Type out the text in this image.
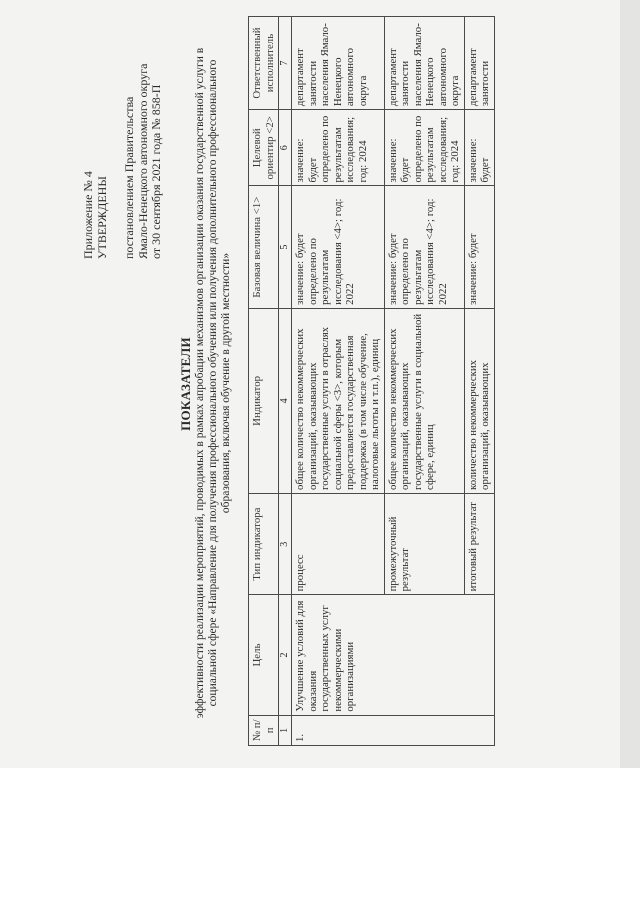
Приложение № 4 УТВЕРЖДЕНЫ постановлением Правительства Ямало-Ненецкого автономного округа от 30 сентября 2021 года № 858-П
ПОКАЗАТЕЛИ эффективности реализации мероприятий, проводимых в рамках апробации механизмов организации оказания государственной услуги в социальной сфере «Направление для получения профессионального обучения или получения дополнительного профессионального образования, включая обучение в другой местности»
№ п/п	Цель	Тип индикатора	Индикатор	Базовая величина <1>	Целевой ориентир <2>	Ответственный исполнитель
1	2	3	4	5	6	7
1.	Улучшение условий для оказания государственных услуг некоммерческими организациями	процесс	общее количество некоммерческих организаций, оказывающих государственные услуги в отраслях социальной сферы <3>, которым предоставляется государственная поддержка (в том числе обучение, налоговые льготы и т.п.), единиц	значение: будет определено по результатам исследования <4>; год: 2022	значение: будет определено по результатам исследования; год: 2024	департамент занятости населения Ямало-Ненецкого автономного округа
		промежуточный результат	общее количество некоммерческих организаций, оказывающих государственные услуги в социальной сфере, единиц	значение: будет определено по результатам исследования <4>; год: 2022	значение: будет определено по результатам исследования; год: 2024	департамент занятости населения Ямало-Ненецкого автономного округа
		итоговый результат	количество некоммерческих организаций, оказывающих	значение: будет	значение: будет	департамент занятости
